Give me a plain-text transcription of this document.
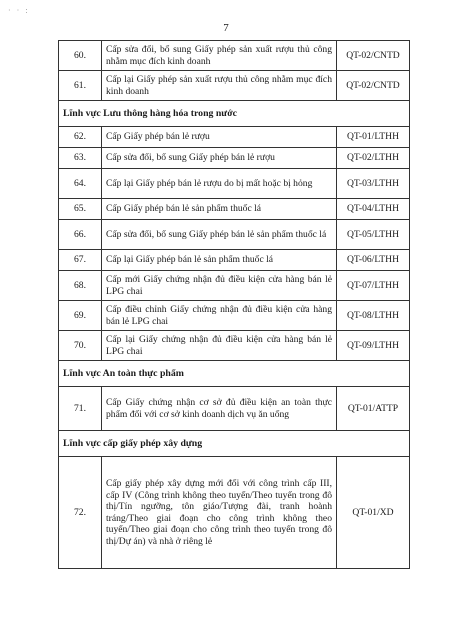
· · :
7
60.	Cấp sửa đổi, bổ sung Giấy phép sản xuất rượu thủ công nhằm mục đích kinh doanh	QT-02/CNTD
61.	Cấp lại Giấy phép sản xuất rượu thủ công nhằm mục đích kinh doanh	QT-02/CNTD
Lĩnh vực Lưu thông hàng hóa trong nước		
62.	Cấp Giấy phép bán lẻ rượu	QT-01/LTHH
63.	Cấp sửa đổi, bổ sung Giấy phép bán lẻ rượu	QT-02/LTHH
64.	Cấp lại Giấy phép bán lẻ rượu do bị mất hoặc bị hỏng	QT-03/LTHH
65.	Cấp Giấy phép bán lẻ sản phẩm thuốc lá	QT-04/LTHH
66.	Cấp sửa đổi, bổ sung Giấy phép bán lẻ sản phẩm thuốc lá	QT-05/LTHH
67.	Cấp lại Giấy phép bán lẻ sản phẩm thuốc lá	QT-06/LTHH
68.	Cấp mới Giấy chứng nhận đủ điều kiện cửa hàng bán lẻ LPG chai	QT-07/LTHH
69.	Cấp điều chỉnh Giấy chứng nhận đủ điều kiện cửa hàng bán lẻ LPG chai	QT-08/LTHH
70.	Cấp lại Giấy chứng nhận đủ điều kiện cửa hàng bán lẻ LPG chai	QT-09/LTHH
Lĩnh vực An toàn thực phẩm		
71.	Cấp Giấy chứng nhận cơ sở đủ điều kiện an toàn thực phẩm đối với cơ sở kinh doanh dịch vụ ăn uống	QT-01/ATTP
Lĩnh vực cấp giấy phép xây dựng		
72.	Cấp giấy phép xây dựng mới đối với công trình cấp III, cấp IV (Công trình không theo tuyến/Theo tuyến trong đô thị/Tín ngưỡng, tôn giáo/Tượng đài, tranh hoành tráng/Theo giai đoạn cho công trình không theo tuyến/Theo giai đoạn cho công trình theo tuyến trong đô thị/Dự án) và nhà ở riêng lẻ	QT-01/XD
